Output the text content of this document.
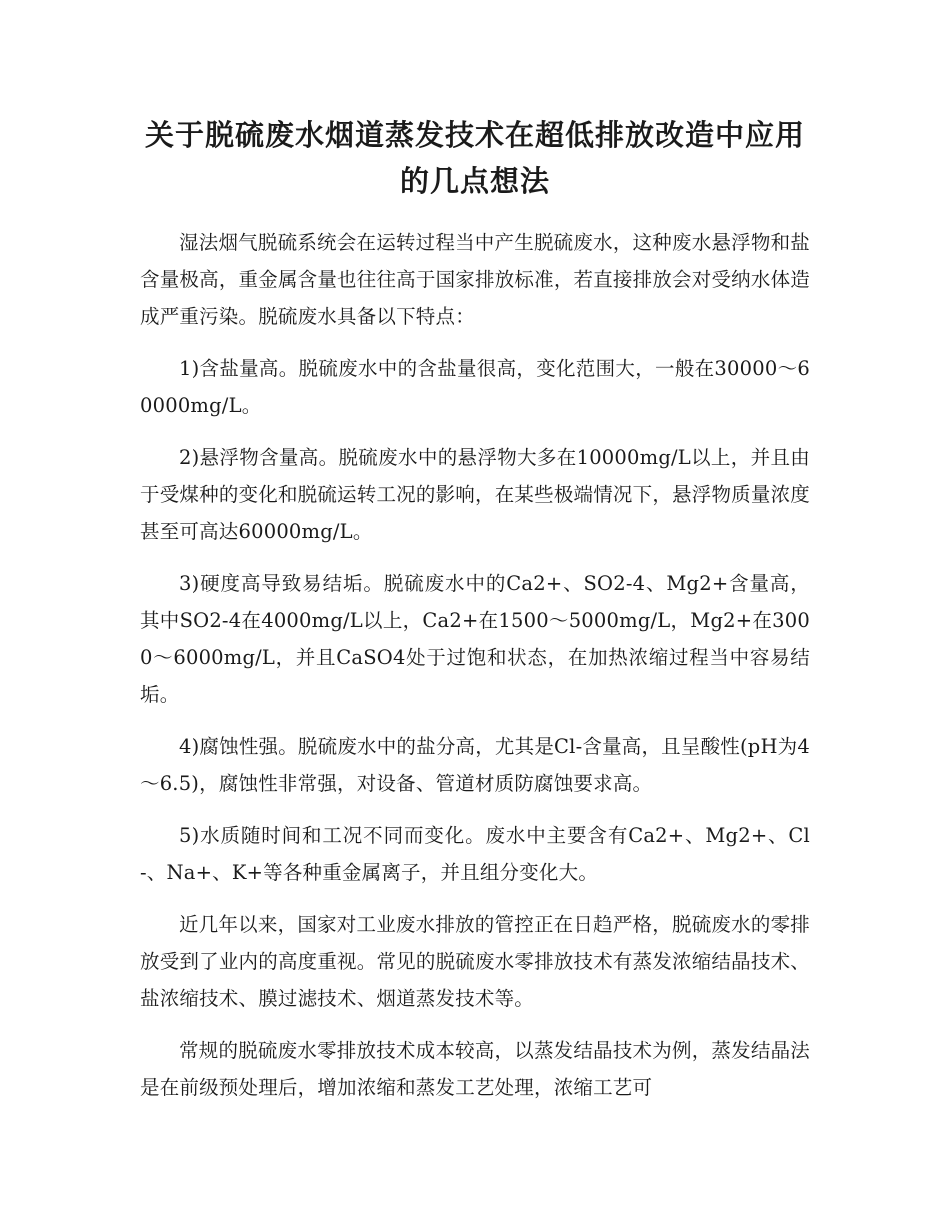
关于脱硫废水烟道蒸发技术在超低排放改造中应用的几点想法

湿法烟气脱硫系统会在运转过程当中产生脱硫废水，这种废水悬浮物和盐含量极高，重金属含量也往往高于国家排放标准，若直接排放会对受纳水体造成严重污染。脱硫废水具备以下特点：

1)含盐量高。脱硫废水中的含盐量很高，变化范围大，一般在30000～60000mg/L。

2)悬浮物含量高。脱硫废水中的悬浮物大多在10000mg/L以上，并且由于受煤种的变化和脱硫运转工况的影响，在某些极端情况下，悬浮物质量浓度甚至可高达60000mg/L。

3)硬度高导致易结垢。脱硫废水中的Ca2+、SO2-4、Mg2+含量高，其中SO2-4在4000mg/L以上，Ca2+在1500～5000mg/L，Mg2+在3000～6000mg/L，并且CaSO4处于过饱和状态，在加热浓缩过程当中容易结垢。

4)腐蚀性强。脱硫废水中的盐分高，尤其是Cl-含量高，且呈酸性(pH为4～6.5)，腐蚀性非常强，对设备、管道材质防腐蚀要求高。

5)水质随时间和工况不同而变化。废水中主要含有Ca2+、Mg2+、Cl-、Na+、K+等各种重金属离子，并且组分变化大。

近几年以来，国家对工业废水排放的管控正在日趋严格，脱硫废水的零排放受到了业内的高度重视。常见的脱硫废水零排放技术有蒸发浓缩结晶技术、盐浓缩技术、膜过滤技术、烟道蒸发技术等。

常规的脱硫废水零排放技术成本较高，以蒸发结晶技术为例，蒸发结晶法是在前级预处理后，增加浓缩和蒸发工艺处理，浓缩工艺可
